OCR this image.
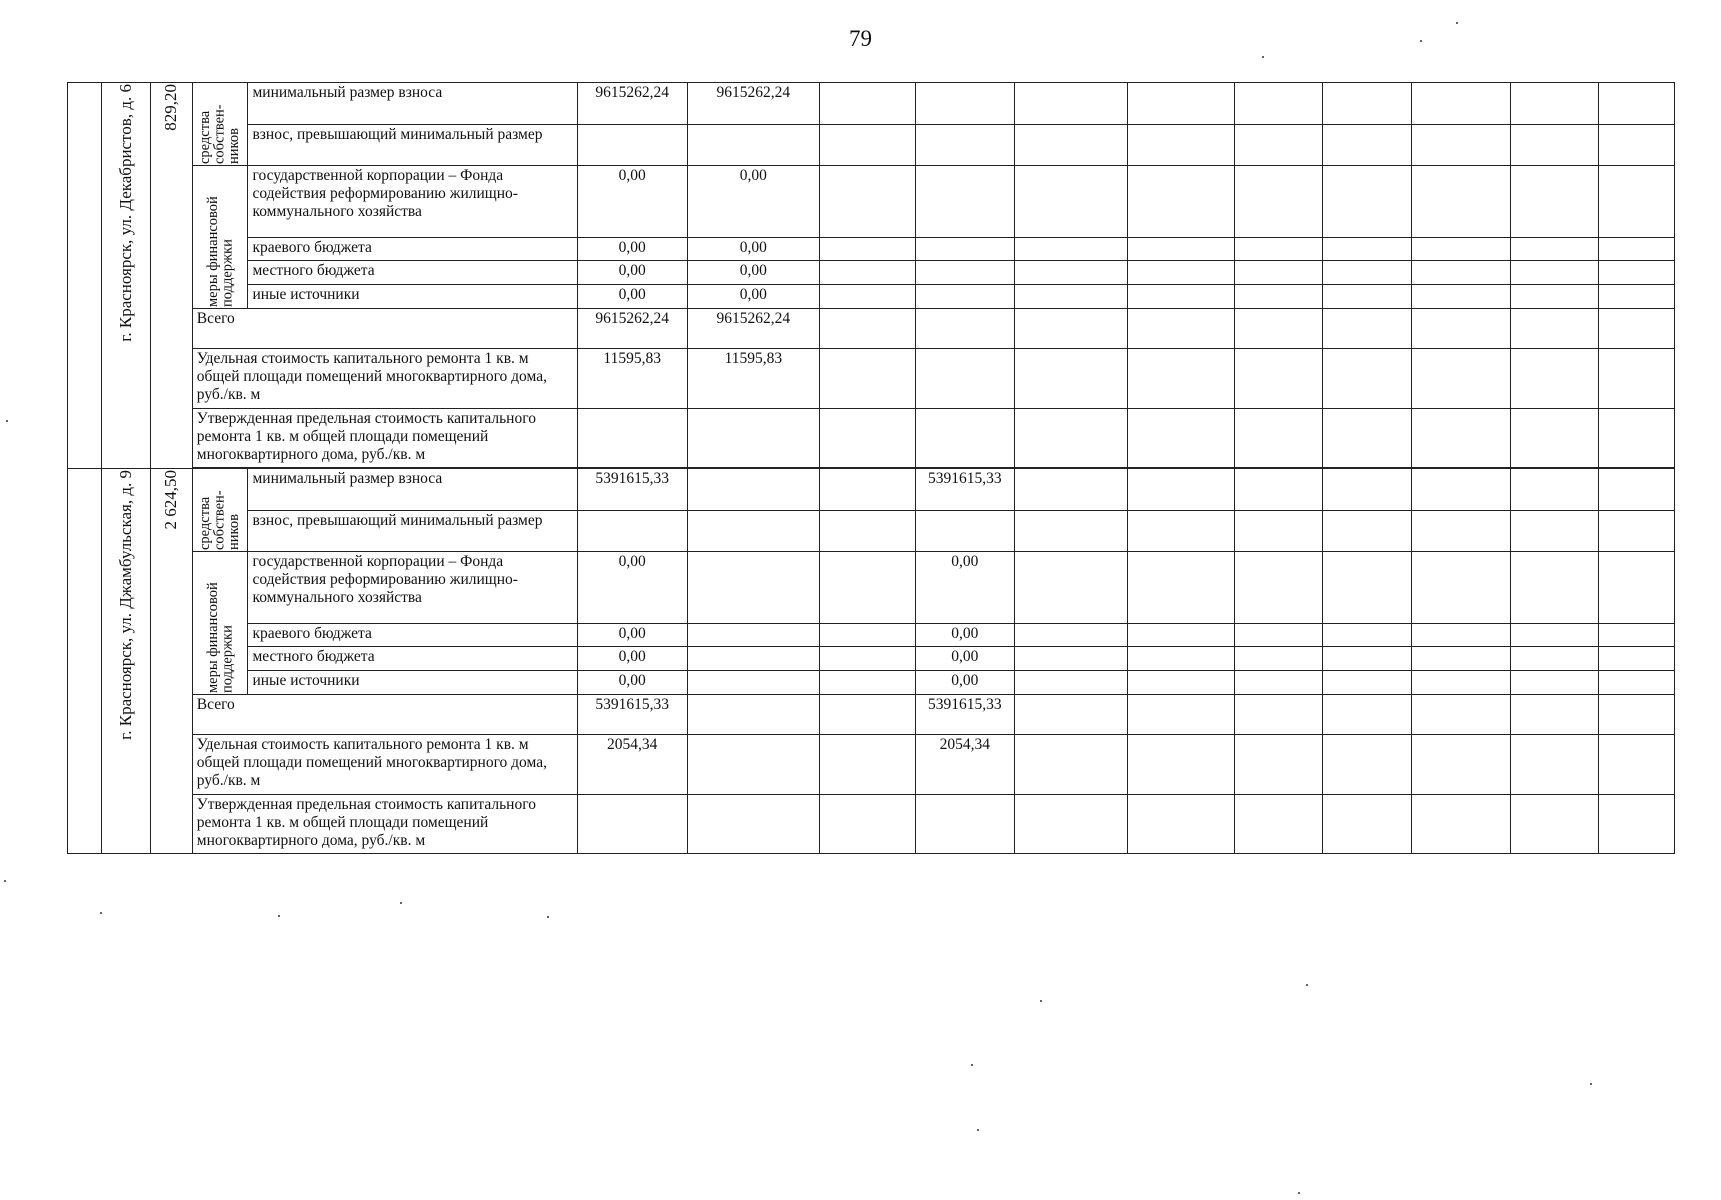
79

	г. Красноярск, ул. Декабристов, д. 6	829,20	средства собствен-ников	минимальный размер взноса	9615262,24	9615262,24									
				взнос, превышающий минимальный размер											

			меры финансовой поддержки	государственной корпорации – Фонда содействия реформированию жилищно-коммунального хозяйства	0,00	0,00									
				краевого бюджета	0,00	0,00									
				местного бюджета	0,00	0,00									
				иные источники	0,00	0,00									
			Всего		9615262,24	9615262,24									
			Удельная стоимость капитального ремонта 1 кв. м общей площади помещений многоквартирного дома, руб./кв. м		11595,83	11595,83									
			Утвержденная предельная стоимость капитального ремонта 1 кв. м общей площади помещений многоквартирного дома, руб./кв. м												

	г. Красноярск, ул. Джамбульская, д. 9	2 624,50	средства собствен-ников	минимальный размер взноса	5391615,33			5391615,33							
				взнос, превышающий минимальный размер											

			меры финансовой поддержки	государственной корпорации – Фонда содействия реформированию жилищно-коммунального хозяйства	0,00			0,00							
				краевого бюджета	0,00			0,00							
				местного бюджета	0,00			0,00							
				иные источники	0,00			0,00							
			Всего		5391615,33			5391615,33							
			Удельная стоимость капитального ремонта 1 кв. м общей площади помещений многоквартирного дома, руб./кв. м		2054,34			2054,34							
			Утвержденная предельная стоимость капитального ремонта 1 кв. м общей площади помещений многоквартирного дома, руб./кв. м												
